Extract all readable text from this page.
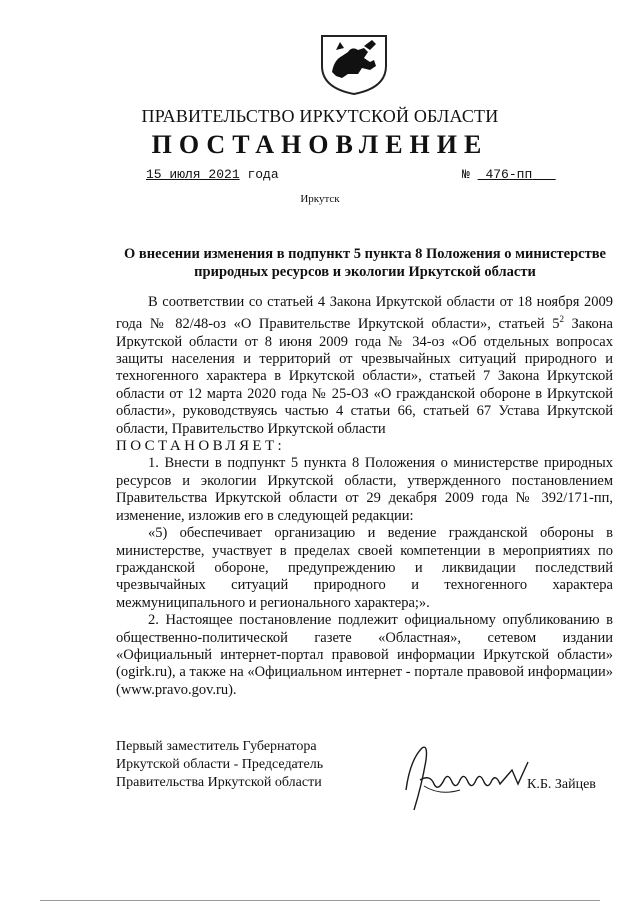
ПРАВИТЕЛЬСТВО ИРКУТСКОЙ ОБЛАСТИ
ПОСТАНОВЛЕНИЕ
15 июля 2021 года	№ 476-пп
Иркутск
О внесении изменения в подпункт 5 пункта 8 Положения о министерстве
природных ресурсов и экологии Иркутской области

В соответствии со статьей 4 Закона Иркутской области от 18 ноября 2009 года № 82/48-оз «О Правительстве Иркутской области», статьей $5^2$ Закона Иркутской области от 8 июня 2009 года № 34-оз «Об отдельных вопросах защиты населения и территорий от чрезвычайных ситуаций природного и техногенного характера в Иркутской области», статьей 7 Закона Иркутской области от 12 марта 2020 года № 25-ОЗ «О гражданской обороне в Иркутской области», руководствуясь частью 4 статьи 66, статьей 67 Устава Иркутской области, Правительство Иркутской области

ПОСТАНОВЛЯЕТ:

1. Внести в подпункт 5 пункта 8 Положения о министерстве природных ресурсов и экологии Иркутской области, утвержденного постановлением Правительства Иркутской области от 29 декабря 2009 года № 392/171-пп, изменение, изложив его в следующей редакции:

«5) обеспечивает организацию и ведение гражданской обороны в министерстве, участвует в пределах своей компетенции в мероприятиях по гражданской обороне, предупреждению и ликвидации последствий чрезвычайных ситуаций природного и техногенного характера межмуниципального и регионального характера;».

2. Настоящее постановление подлежит официальному опубликованию в общественно-политической газете «Областная», сетевом издании «Официальный интернет-портал правовой информации Иркутской области» (ogirk.ru), а также на «Официальном интернет - портале правовой информации» (www.pravo.gov.ru).

Первый заместитель Губернатора
Иркутской области - Председатель
Правительства Иркутской области	К.Б. Зайцев
